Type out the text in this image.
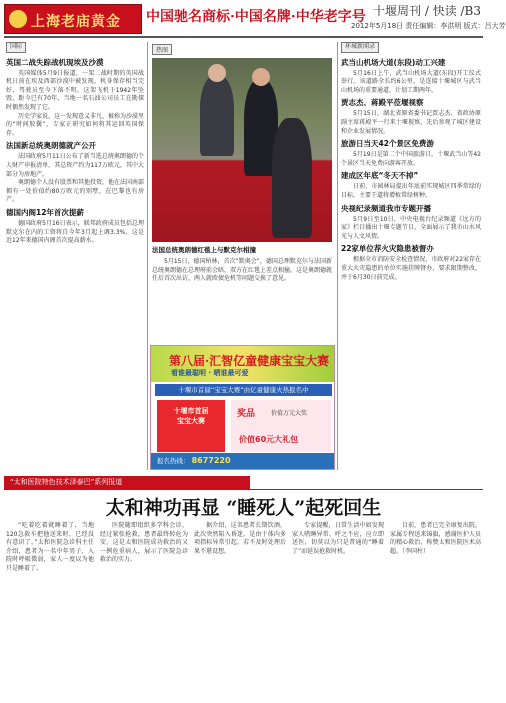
上海老庙黄金 中国驰名商标·中国名牌·中华老字号 十堰周刊 / 快读 /B3
2012年5月18日 责任编辑：李洪明 版式：吕大芳
国际
英国二战失踪战机现埃及沙漠

英国媒体5月9日报道，一架二战时期的英国战机日前在埃及西部沙漠中被发现，机身保存相当完好，驾驶员至今下落不明。这架飞机于1942年坠毁，距今已有70年，当地一名石油公司员工在勘探时偶然发现了它。

历史学家说，这一发现意义非凡，被称为沙漠里的“时间胶囊”，专家正研究如何将其运回英国保存。

法国新总统奥朗德就产公开

法国政府5月11日公布了新当选总统奥朗德的个人财产申报清单，其总资产约为117万欧元，其中大部分为房地产。

奥朗德个人没有股票和其他投资，他在法国南部拥有一处价值约80万欧元的别墅，在巴黎也有房产。

德国内阁12年首次提薪

德国政府5月16日表示，联邦政府成员包括总理默克尔在内的工资将自今年3月起上调3.3%，这是近12年来德国内阁首次提高薪水。

热图
法国总统奥朗德红毯上与默克尔相撞

5月15日，德国柏林，首次“默奥会”，德国总理默克尔与法国新总统奥朗德在总理府前会晤，双方在红毯上差点相撞。这是奥朗德就任后首次出访，两人就欧债危机等问题交换了意见。

第八届·汇智亿童健康宝宝大赛
看谁最聪明 · 晒谁最可爱
十堰市首届“宝宝大赛”由亿童健康火热报名中
十堰市首届
宝宝大赛
奖品	价值万元大奖
价值60元大礼包
报名热线： 8677220
环城新闻录
武当山机场大道(东段)动工兴建

5月16日上午，武当山机场大道(东段)开工仪式举行。该道路全长约6公里，是连接十堰城区与武当山机场的重要通道，计划工期两年。

贾志杰、蒋殿平莅堰视察

5月15日，湖北省原省委书记贾志杰、省政协原副主席蒋殿平一行来十堰视察，先后参观了城区建设和企业发展情况。

旅游日当天42个景区免费游

5月19日是第二个中国旅游日，十堰武当山等42个景区当天免费向游客开放。

建成区年底“冬天不掉”

日前，市园林局提出年底前实现城区四季常绿的目标，主要干道将增植常绿树种。

央视纪录频道我市专题开播

5月9日至10日，中央电视台纪录频道《远方的家》栏目播出十堰专题节目，全面展示了我市山水风光与人文风情。

22家单位荐火灾隐患被督办

根据全市消防安全检查情况，市政府对22家存在重大火灾隐患的单位实施挂牌督办，要求限期整改，并于6月30日前完成。

“太和医院特色技术泽泰巴”系列报道
太和神功再显 “睡死人”起死回生

“吃着吃着就睡着了，当地120急救车把他送来时，已经没有意识了。”太和医院急诊科主任介绍，患者为一名中年男子，入院时呼吸微弱，家人一度以为他只是睡着了。

医院随即组织多学科会诊，经过紧张抢救，患者最终转危为安。这是太和医院成功救治的又一例危重病人，展示了医院急诊救治的实力。

据介绍，这名患者长期饮酒，此次突然陷入昏迷，是由于体内多项指标异常引起，若不及时处理后果不堪设想。

专家提醒，日常生活中如发现家人嗜睡异常、呼之不应，应立即送医，切莫以为只是普通的“睡着了”而延误抢救时机。

目前，患者已完全康复出院。家属专程送来锦旗，感谢医护人员的精心救治，称赞太和医院医术高超。（李国柱）
